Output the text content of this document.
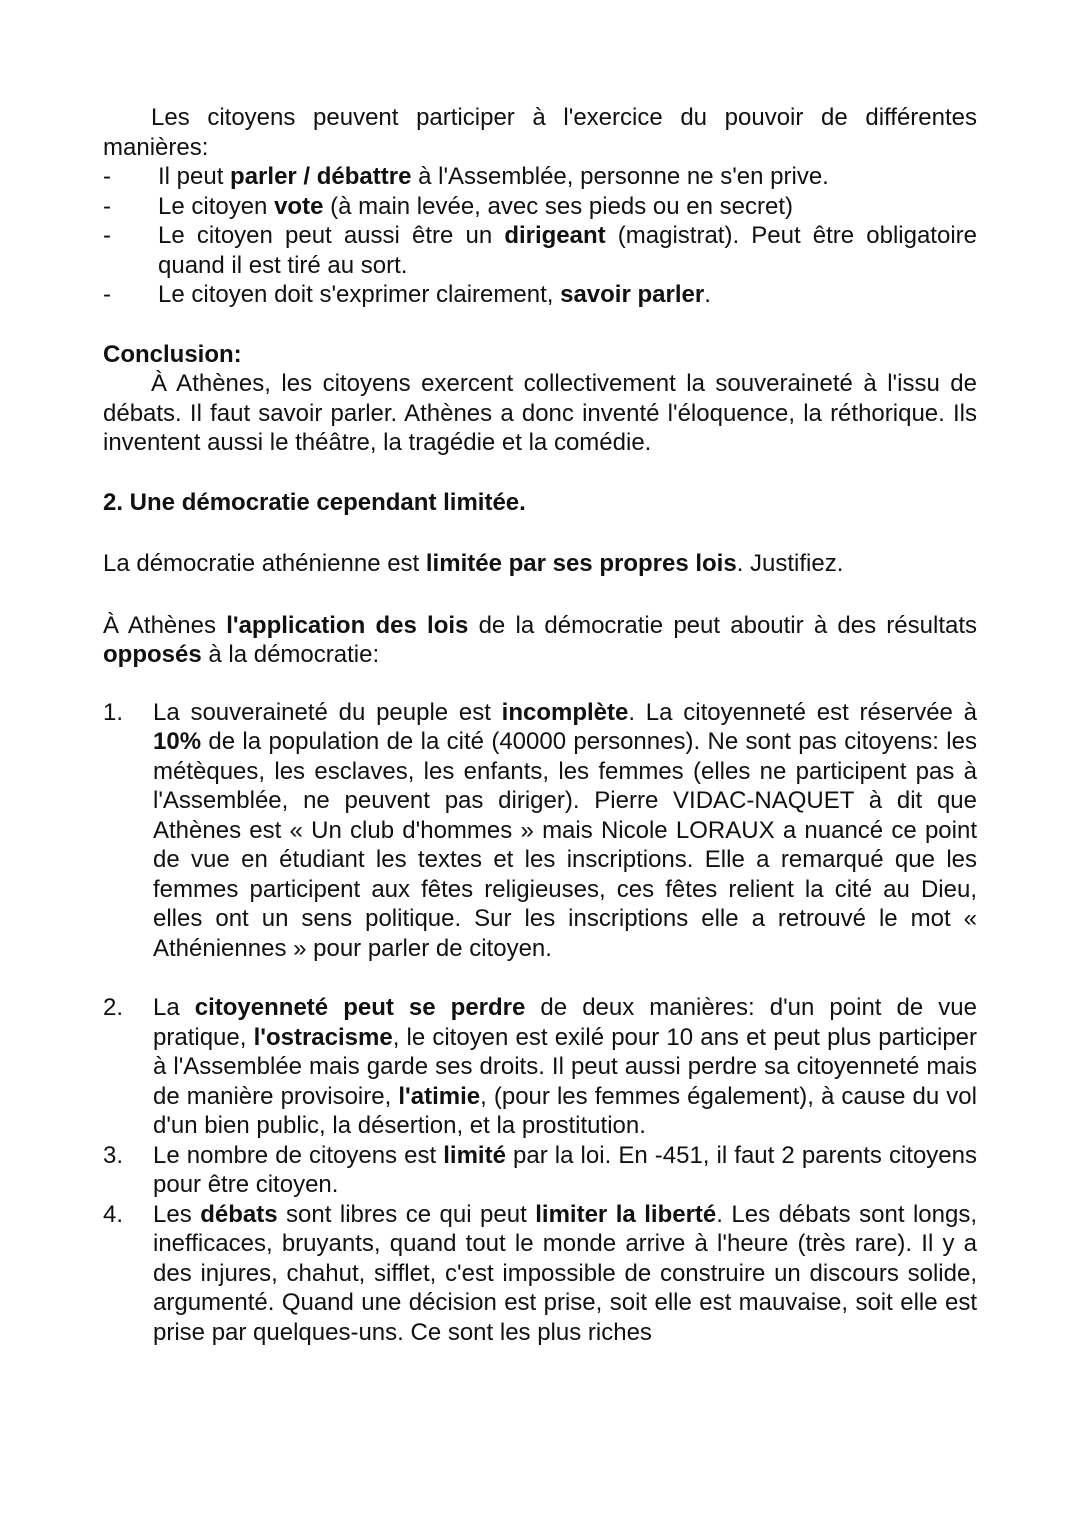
Les citoyens peuvent participer à l'exercice du pouvoir de différentes manières:

- Il peut parler / débattre à l'Assemblée, personne ne s'en prive.
- Le citoyen vote (à main levée, avec ses pieds ou en secret)
- Le citoyen peut aussi être un dirigeant (magistrat). Peut être obligatoire quand il est tiré au sort.
- Le citoyen doit s'exprimer clairement, savoir parler.

Conclusion:

À Athènes, les citoyens exercent collectivement la souveraineté à l'issu de débats. Il faut savoir parler. Athènes a donc inventé l'éloquence, la réthorique. Ils inventent aussi le théâtre, la tragédie et la comédie.

2. Une démocratie cependant limitée.

La démocratie athénienne est limitée par ses propres lois. Justifiez.

À Athènes l'application des lois de la démocratie peut aboutir à des résultats opposés à la démocratie:

1. La souveraineté du peuple est incomplète. La citoyenneté est réservée à 10% de la population de la cité (40000 personnes). Ne sont pas citoyens: les métèques, les esclaves, les enfants, les femmes (elles ne participent pas à l'Assemblée, ne peuvent pas diriger). Pierre VIDAC-NAQUET à dit que Athènes est « Un club d'hommes » mais Nicole LORAUX a nuancé ce point de vue en étudiant les textes et les inscriptions. Elle a remarqué que les femmes participent aux fêtes religieuses, ces fêtes relient la cité au Dieu, elles ont un sens politique. Sur les inscriptions elle a retrouvé le mot « Athéniennes » pour parler de citoyen.
2. La citoyenneté peut se perdre de deux manières: d'un point de vue pratique, l'ostracisme, le citoyen est exilé pour 10 ans et peut plus participer à l'Assemblée mais garde ses droits. Il peut aussi perdre sa citoyenneté mais de manière provisoire, l'atimie, (pour les femmes également), à cause du vol d'un bien public, la désertion, et la prostitution.
3. Le nombre de citoyens est limité par la loi. En -451, il faut 2 parents citoyens pour être citoyen.
4. Les débats sont libres ce qui peut limiter la liberté. Les débats sont longs, inefficaces, bruyants, quand tout le monde arrive à l'heure (très rare). Il y a des injures, chahut, sifflet, c'est impossible de construire un discours solide, argumenté. Quand une décision est prise, soit elle est mauvaise, soit elle est prise par quelques-uns. Ce sont les plus riches
